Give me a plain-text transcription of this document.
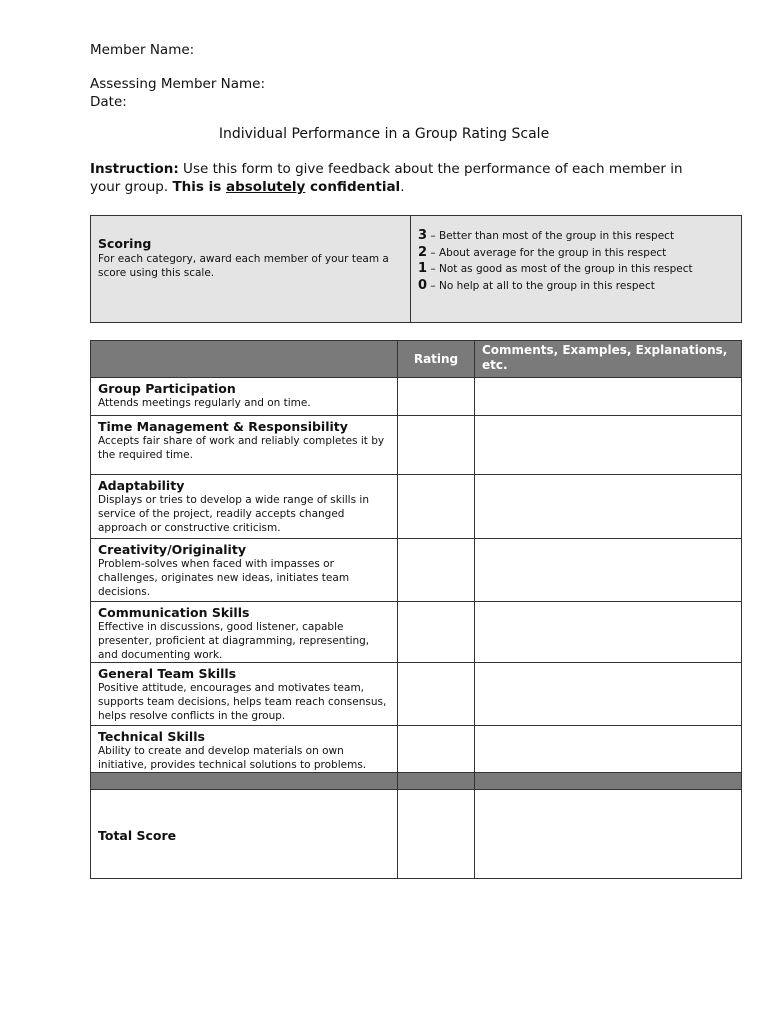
Member Name:
Assessing Member Name:
Date:
Individual Performance in a Group Rating Scale
Instruction: Use this form to give feedback about the performance of each member in your group. This is absolutely confidential.
Scoring
For each category, award each member of your team a score using this scale.

3 – Better than most of the group in this respect
2 – About average for the group in this respect
1 – Not as good as most of the group in this respect
0 – No help at all to the group in this respect
	Rating	Comments, Examples, Explanations, etc.

Group Participation
Attends meetings regularly and on time.		

Time Management & Responsibility
Accepts fair share of work and reliably completes it by the required time.		

Adaptability
Displays or tries to develop a wide range of skills in service of the project, readily accepts changed approach or constructive criticism.		

Creativity/Originality
Problem-solves when faced with impasses or challenges, originates new ideas, initiates team decisions.		

Communication Skills
Effective in discussions, good listener, capable presenter, proficient at diagramming, representing, and documenting work.		

General Team Skills
Positive attitude, encourages and motivates team, supports team decisions, helps team reach consensus, helps resolve conflicts in the group.		

Technical Skills
Ability to create and develop materials on own initiative, provides technical solutions to problems.		

Total Score		
